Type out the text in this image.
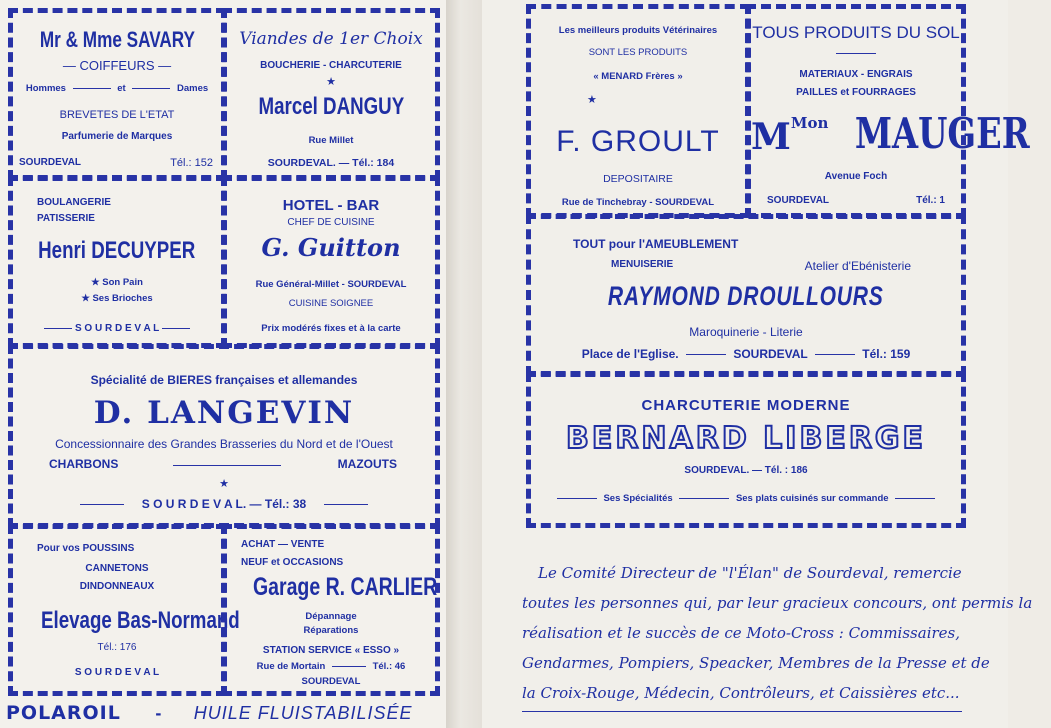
Mr & Mme SAVARY
— COIFFEURS —
Hommes	et	Dames
BREVETES DE L'ETAT
Parfumerie de Marques
SOURDEVAL	Tél.: 152
Viandes de 1er Choix
BOUCHERIE - CHARCUTERIE
★
Marcel DANGUY
Rue Millet
SOURDEVAL. — Tél.: 184
BOULANGERIE
PATISSERIE
Henri DECUYPER
★ Son Pain
★ Ses Brioches
S O U R D E V A L
HOTEL - BAR
CHEF DE CUISINE
G. Guitton
Rue Général-Millet - SOURDEVAL
CUISINE SOIGNEE
Prix modérés fixes et à la carte
Spécialité de BIERES françaises et allemandes
D. LANGEVIN
Concessionnaire des Grandes Brasseries du Nord et de l'Ouest
CHARBONS	MAZOUTS
★
S O U R D E V A L. — Tél.: 38
Pour vos POUSSINS
CANNETONS
DINDONNEAUX
Elevage Bas-Normand
Tél.: 176
S O U R D E V A L
ACHAT — VENTE
NEUF et OCCASIONS
Garage R. CARLIER
Dépannage
Réparations
STATION SERVICE « ESSO »
Rue de Mortain	Tél.: 46
SOURDEVAL
POLAROIL - HUILE FLUISTABILISÉE
Les meilleurs produits Vétérinaires
SONT LES PRODUITS
« MENARD Frères »
★
F. GROULT
DEPOSITAIRE
Rue de Tinchebray - SOURDEVAL
TOUS PRODUITS DU SOL
MATERIAUX - ENGRAIS
PAILLES et FOURRAGES
MMon MAUGER
Avenue Foch
SOURDEVAL	Tél.: 1
TOUT pour l'AMEUBLEMENT
MENUISERIE	Atelier d'Ebénisterie
RAYMOND DROULLOURS
Maroquinerie - Literie
Place de l'Eglise.	SOURDEVAL	Tél.: 159
CHARCUTERIE MODERNE
BERNARD LIBERGE
SOURDEVAL. — Tél. : 186
Ses Spécialités	Ses plats cuisinés sur commande
Le Comité Directeur de "l'Élan" de Sourdeval, remercie
toutes les personnes qui, par leur gracieux concours, ont permis la
réalisation et le succès de ce Moto-Cross : Commissaires,
Gendarmes, Pompiers, Speacker, Membres de la Presse et de
la Croix-Rouge, Médecin, Contrôleurs, et Caissières etc...
